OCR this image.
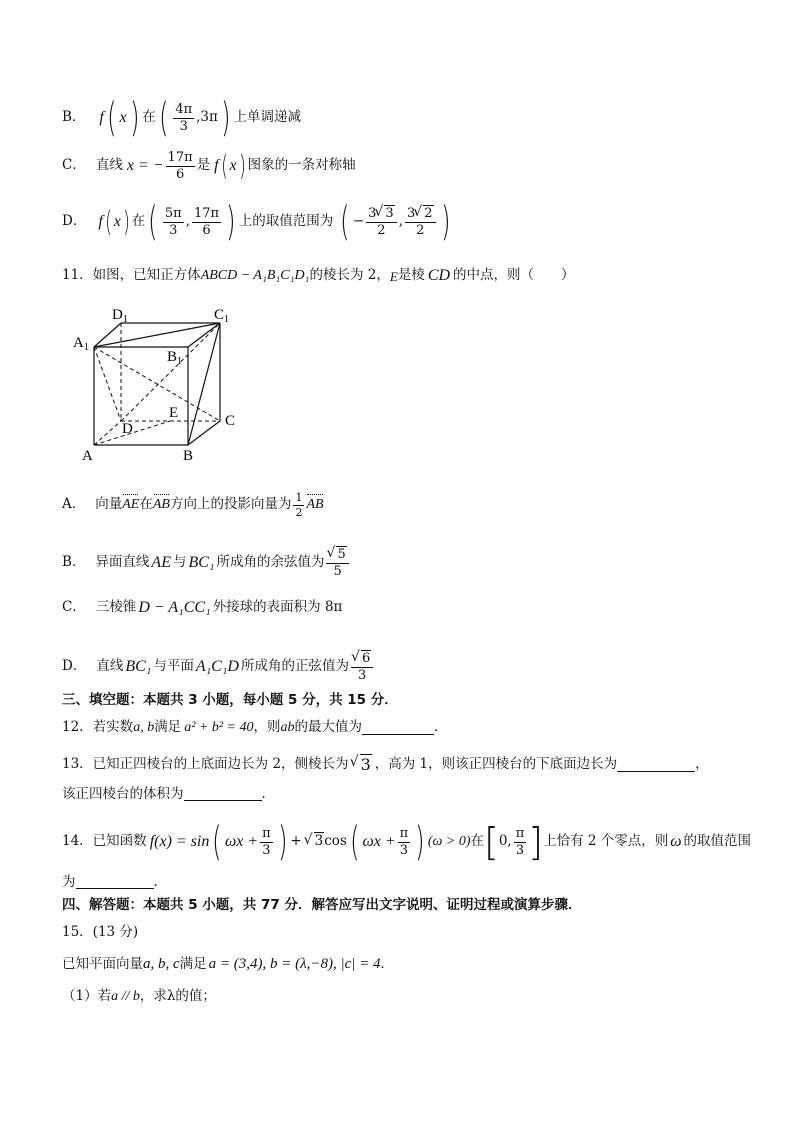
B． f ( x ) 在 ( $\frac{4\pi}{3} ,3\pi$ ) 上单调递减
C． 直线 x = − $\frac{17\pi}{6}$ 是 f ( x ) 图象的一条对称轴
D． f ( x ) 在 ( $\frac{5\pi}{3}$ , $\frac{17\pi}{6}$ ) 上的取值范围为 ( − $\frac{3 √ 3}{2}$ , $\frac{3 √ 2}{2}$ )
11．如图，已知正方体 ABCD − A₁B₁C₁D₁ 的棱长为 2， E 是棱 CD 的中点，则（　　）
$D_1$	$C_1$
$A_1$
$B_1$
E
D	C
A	B
A． 向量 AE 在 AB 方向上的投影向量为 $\frac{1}{2}$ AB
B． 异面直线 AE 与 BC₁ 所成角的余弦值为 √ $\frac{5}{5}$
C． 三棱锥 D − A₁CC₁ 外接球的表面积为 8π
D． 直线 BC₁ 与平面 A₁C₁D 所成角的正弦值为 √ $\frac{6}{3}$
三、填空题：本题共 3 小题，每小题 5 分，共 15 分．
12．若实数 a, b 满足 a² + b² = 40 ，则 ab 的最大值为	．
13．已知正四棱台的上底面边长为 2，侧棱长为 √ 3 ，高为 1，则该正四棱台的下底面边长为	，
该正四棱台的体积为	．
14．已知函数 f(x) = sin ( $\omega x + \frac{\pi}{3}$ ) + √ 3 cos ( $\omega x + \frac{\pi}{3}$ ) (ω > 0) 在 [ 0, $\frac{\pi}{3}$ ] 上恰有 2 个零点，则 ω 的取值范围
为	．
四、解答题：本题共 5 小题，共 77 分．解答应写出文字说明、证明过程或演算步骤．
15．(13 分)
已知平面向量 a, b, c 满足 a = (3,4), b = (λ,−8), |c| = 4 ．
（1）若 a // b ，求λ的值；
